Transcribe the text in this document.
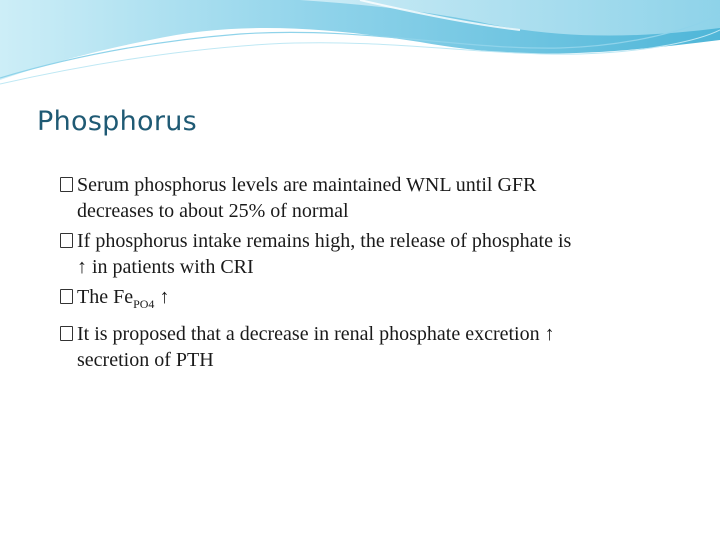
Phosphorus
Serum phosphorus levels are maintained WNL until GFR
decreases to about 25% of normal
If phosphorus intake remains high, the release of phosphate is
↑ in patients with CRI
The $Fe_{PO4}$ ↑
It is proposed that a decrease in renal phosphate excretion ↑
secretion of PTH
